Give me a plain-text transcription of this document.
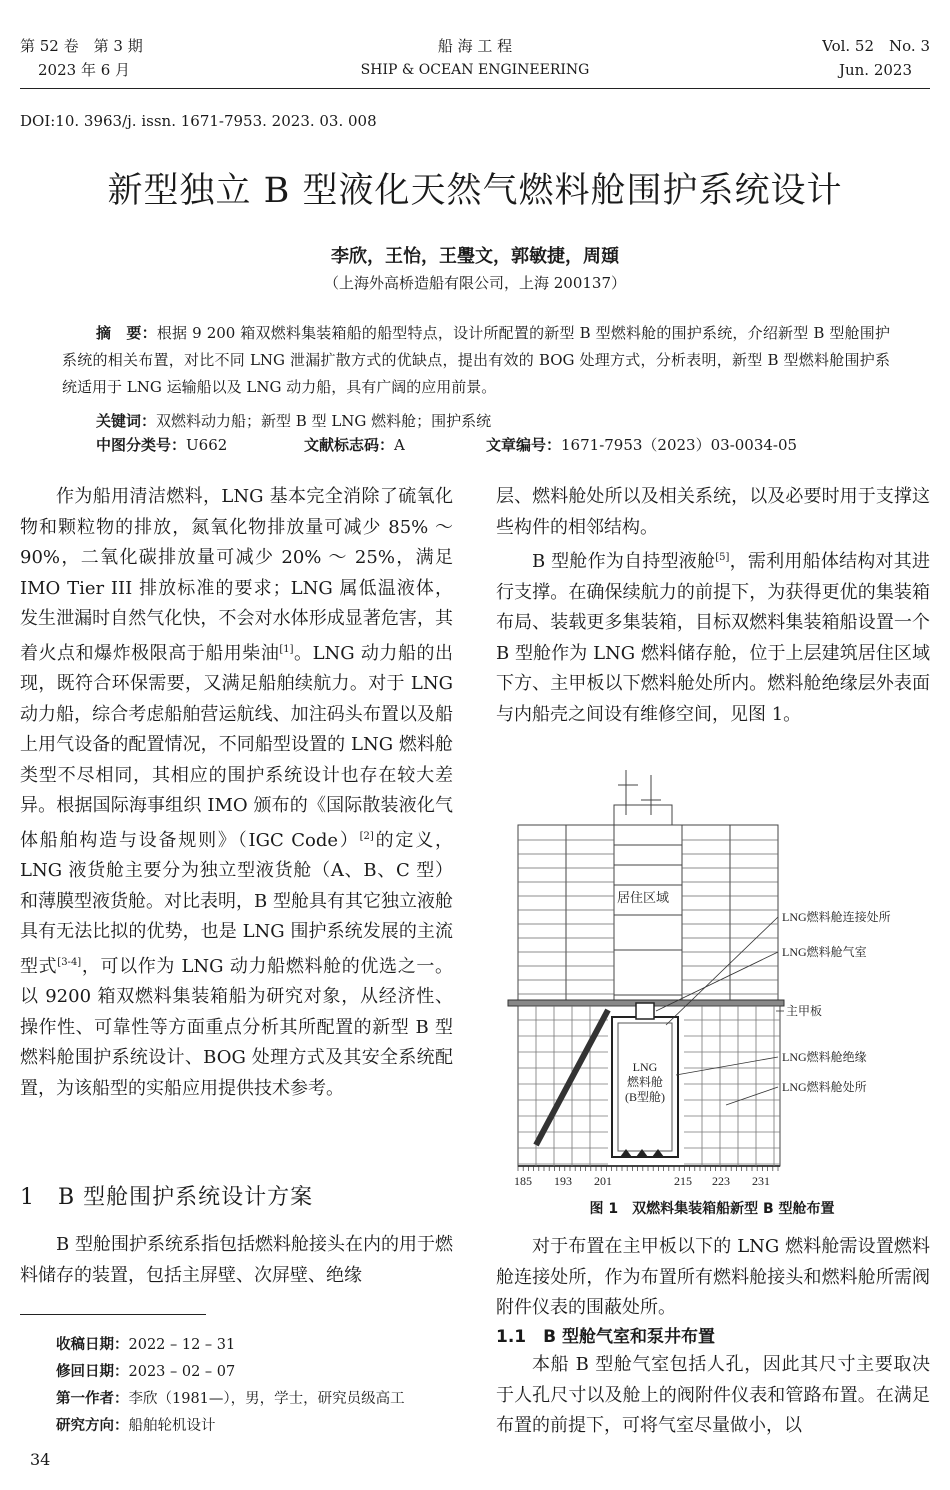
第 52 卷　第 3 期
2023 年 6 月
船 海 工 程
SHIP & OCEAN ENGINEERING
Vol. 52　No. 3
Jun. 2023
DOI:10. 3963/j. issn. 1671-7953. 2023. 03. 008
新型独立 B 型液化天然气燃料舱围护系统设计
李欣，王怡，王璺文，郭敏捷，周頲
（上海外高桥造船有限公司，上海 200137）
摘　要：根据 9 200 箱双燃料集装箱船的船型特点，设计所配置的新型 B 型燃料舱的围护系统，介绍新型 B 型舱围护系统的相关布置，对比不同 LNG 泄漏扩散方式的优缺点，提出有效的 BOG 处理方式，分析表明，新型 B 型燃料舱围护系统适用于 LNG 运输船以及 LNG 动力船，具有广阔的应用前景。
关键词：双燃料动力船；新型 B 型 LNG 燃料舱；围护系统
中图分类号：U662	文献标志码：A	文章编号：1671-7953（2023）03-0034-05

作为船用清洁燃料，LNG 基本完全消除了硫氧化物和颗粒物的排放，氮氧化物排放量可减少 85% ～ 90%，二氧化碳排放量可减少 20% ～ 25%，满足 IMO Tier III 排放标准的要求；LNG 属低温液体，发生泄漏时自然气化快，不会对水体形成显著危害，其着火点和爆炸极限高于船用柴油[1]。LNG 动力船的出现，既符合环保需要，又满足船舶续航力。对于 LNG 动力船，综合考虑船舶营运航线、加注码头布置以及船上用气设备的配置情况，不同船型设置的 LNG 燃料舱类型不尽相同，其相应的围护系统设计也存在较大差异。根据国际海事组织 IMO 颁布的《国际散装液化气体船舶构造与设备规则》（IGC Code）[2]的定义，LNG 液货舱主要分为独立型液货舱（A、B、C 型）和薄膜型液货舱。对比表明，B 型舱具有其它独立液舱具有无法比拟的优势，也是 LNG 围护系统发展的主流型式[3-4]，可以作为 LNG 动力船燃料舱的优选之一。以 9200 箱双燃料集装箱船为研究对象，从经济性、操作性、可靠性等方面重点分析其所配置的新型 B 型燃料舱围护系统设计、BOG 处理方式及其安全系统配置，为该船型的实船应用提供技术参考。

1　B 型舱围护系统设计方案

B 型舱围护系统系指包括燃料舱接头在内的用于燃料储存的装置，包括主屏壁、次屏壁、绝缘

收稿日期：2022 – 12 – 31
修回日期：2023 – 02 – 07
第一作者：李欣（1981—），男，学士，研究员级高工
研究方向：船舶轮机设计
34

层、燃料舱处所以及相关系统，以及必要时用于支撑这些构件的相邻结构。

B 型舱作为自持型液舱[5]，需利用船体结构对其进行支撑。在确保续航力的前提下，为获得更优的集装箱布局、装载更多集装箱，目标双燃料集装箱船设置一个 B 型舱作为 LNG 燃料储存舱，位于上层建筑居住区域下方、主甲板以下燃料舱处所内。燃料舱绝缘层外表面与内船壳之间设有维修空间，见图 1。

居住区域
LNG
燃料舱
(B型舱)
LNG燃料舱连接处所
LNG燃料舱气室
主甲板
LNG燃料舱绝缘
LNG燃料舱处所
185 193 201	215 223 231
图 1　双燃料集装箱船新型 B 型舱布置

对于布置在主甲板以下的 LNG 燃料舱需设置燃料舱连接处所，作为布置所有燃料舱接头和燃料舱所需阀附件仪表的围蔽处所。

1.1　B 型舱气室和泵井布置

本船 B 型舱气室包括人孔，因此其尺寸主要取决于人孔尺寸以及舱上的阀附件仪表和管路布置。在满足布置的前提下，可将气室尽量做小，以
